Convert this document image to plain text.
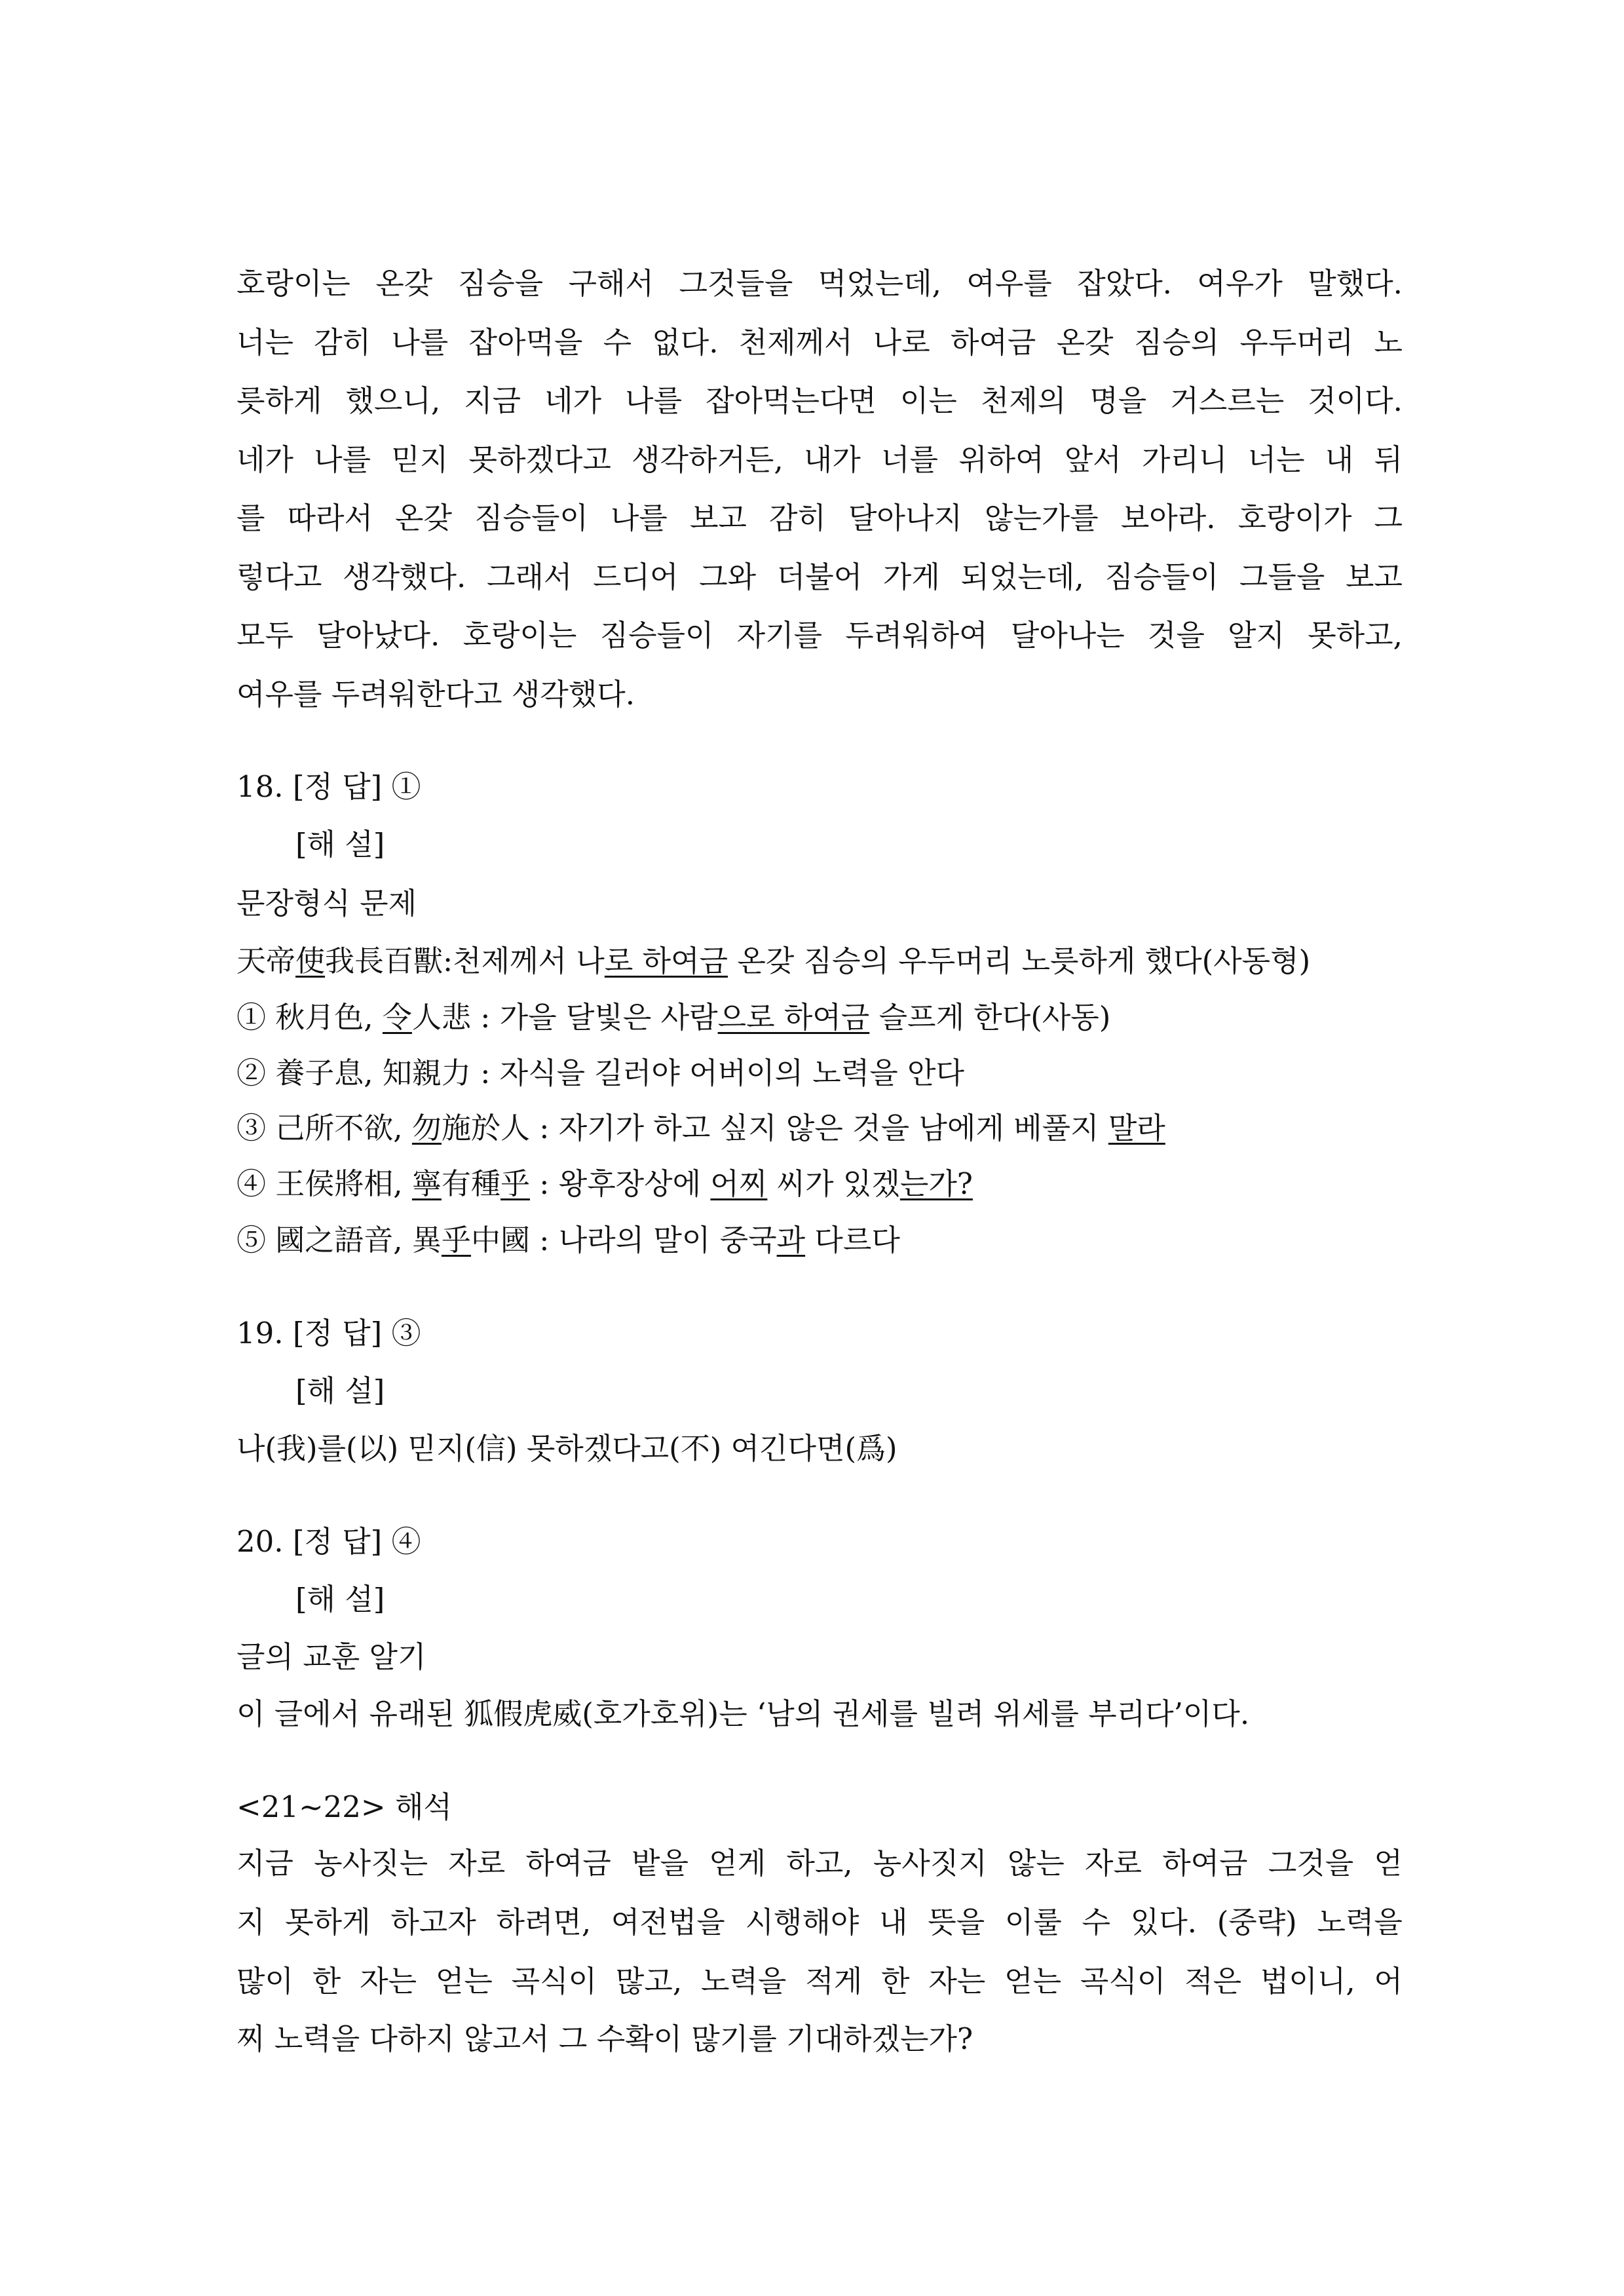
호랑이는 온갖 짐승을 구해서 그것들을 먹었는데, 여우를 잡았다. 여우가 말했다.
너는 감히 나를 잡아먹을 수 없다. 천제께서 나로 하여금 온갖 짐승의 우두머리 노
릇하게 했으니, 지금 네가 나를 잡아먹는다면 이는 천제의 명을 거스르는 것이다.
네가 나를 믿지 못하겠다고 생각하거든, 내가 너를 위하여 앞서 가리니 너는 내 뒤
를 따라서 온갖 짐승들이 나를 보고 감히 달아나지 않는가를 보아라. 호랑이가 그
렇다고 생각했다. 그래서 드디어 그와 더불어 가게 되었는데, 짐승들이 그들을 보고
모두 달아났다. 호랑이는 짐승들이 자기를 두려워하여 달아나는 것을 알지 못하고,
여우를 두려워한다고 생각했다.
18. [정 답] ①
[해 설]
문장형식 문제
天帝使我長百獸:천제께서 나로 하여금 온갖 짐승의 우두머리 노릇하게 했다(사동형)
① 秋月色, 令人悲 : 가을 달빛은 사람으로 하여금 슬프게 한다(사동)
② 養子息, 知親力 : 자식을 길러야 어버이의 노력을 안다
③ 己所不欲, 勿施於人 : 자기가 하고 싶지 않은 것을 남에게 베풀지 말라
④ 王侯將相, 寧有種乎 : 왕후장상에 어찌 씨가 있겠는가?
⑤ 國之語音, 異乎中國 : 나라의 말이 중국과 다르다
19. [정 답] ③
[해 설]
나(我)를(以) 믿지(信) 못하겠다고(不) 여긴다면(爲)
20. [정 답] ④
[해 설]
글의 교훈 알기
이 글에서 유래된 狐假虎威(호가호위)는 ‘남의 권세를 빌려 위세를 부리다’이다.
<21~22> 해석
지금 농사짓는 자로 하여금 밭을 얻게 하고, 농사짓지 않는 자로 하여금 그것을 얻
지 못하게 하고자 하려면, 여전법을 시행해야 내 뜻을 이룰 수 있다. (중략) 노력을
많이 한 자는 얻는 곡식이 많고, 노력을 적게 한 자는 얻는 곡식이 적은 법이니, 어
찌 노력을 다하지 않고서 그 수확이 많기를 기대하겠는가?
